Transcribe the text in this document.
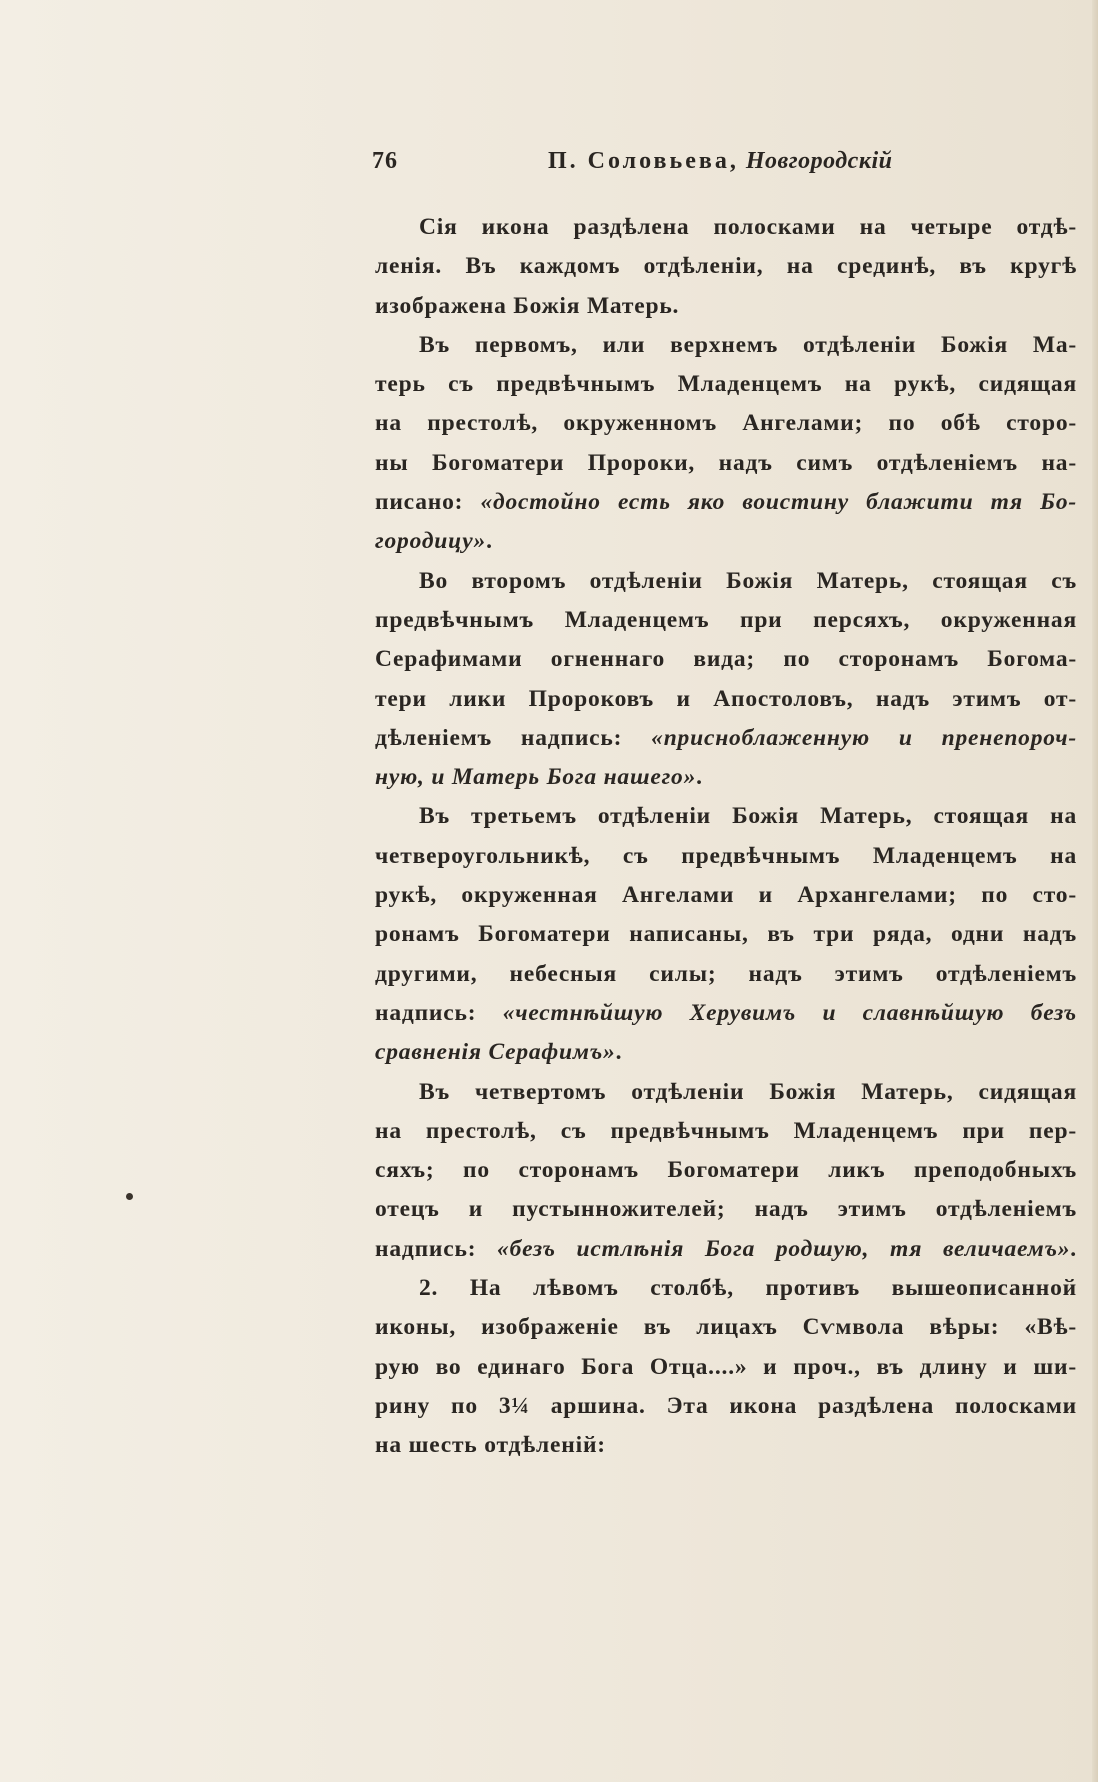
76	П. Соловьева, Новгородскій
Сія икона раздѣлена полосками на четыре отдѣ-
ленія. Въ каждомъ отдѣленіи, на срединѣ, въ кругѣ
изображена Божія Матерь.
Въ первомъ, или верхнемъ отдѣленіи Божія Ма-
терь съ предвѣчнымъ Младенцемъ на рукѣ, сидящая
на престолѣ, окруженномъ Ангелами; по обѣ сторо-
ны Богоматери Пророки, надъ симъ отдѣленіемъ на-
писано: «достойно есть яко воистину блажити тя Бо-
городицу».
Во второмъ отдѣленіи Божія Матерь, стоящая съ
предвѣчнымъ Младенцемъ при персяхъ, окруженная
Серафимами огненнаго вида; по сторонамъ Богома-
тери лики Пророковъ и Апостоловъ, надъ этимъ от-
дѣленіемъ надпись: «присноблаженную и пренепороч-
ную, и Матерь Бога нашего».
Въ третьемъ отдѣленіи Божія Матерь, стоящая на
четвероугольникѣ, съ предвѣчнымъ Младенцемъ на
рукѣ, окруженная Ангелами и Архангелами; по сто-
ронамъ Богоматери написаны, въ три ряда, одни надъ
другими, небесныя силы; надъ этимъ отдѣленіемъ
надпись: «честнѣйшую Херувимъ и славнѣйшую безъ
сравненія Серафимъ».
Въ четвертомъ отдѣленіи Божія Матерь, сидящая
на престолѣ, съ предвѣчнымъ Младенцемъ при пер-
сяхъ; по сторонамъ Богоматери ликъ преподобныхъ
отецъ и пустынножителей; надъ этимъ отдѣленіемъ
надпись: «безъ истлѣнія Бога родшую, тя величаемъ».
2. На лѣвомъ столбѣ, противъ вышеописанной
иконы, изображеніе въ лицахъ Сѵмвола вѣры: «Вѣ-
рую во единаго Бога Отца....» и проч., въ длину и ши-
рину по 3¼ аршина. Эта икона раздѣлена полосками
на шесть отдѣленій:
